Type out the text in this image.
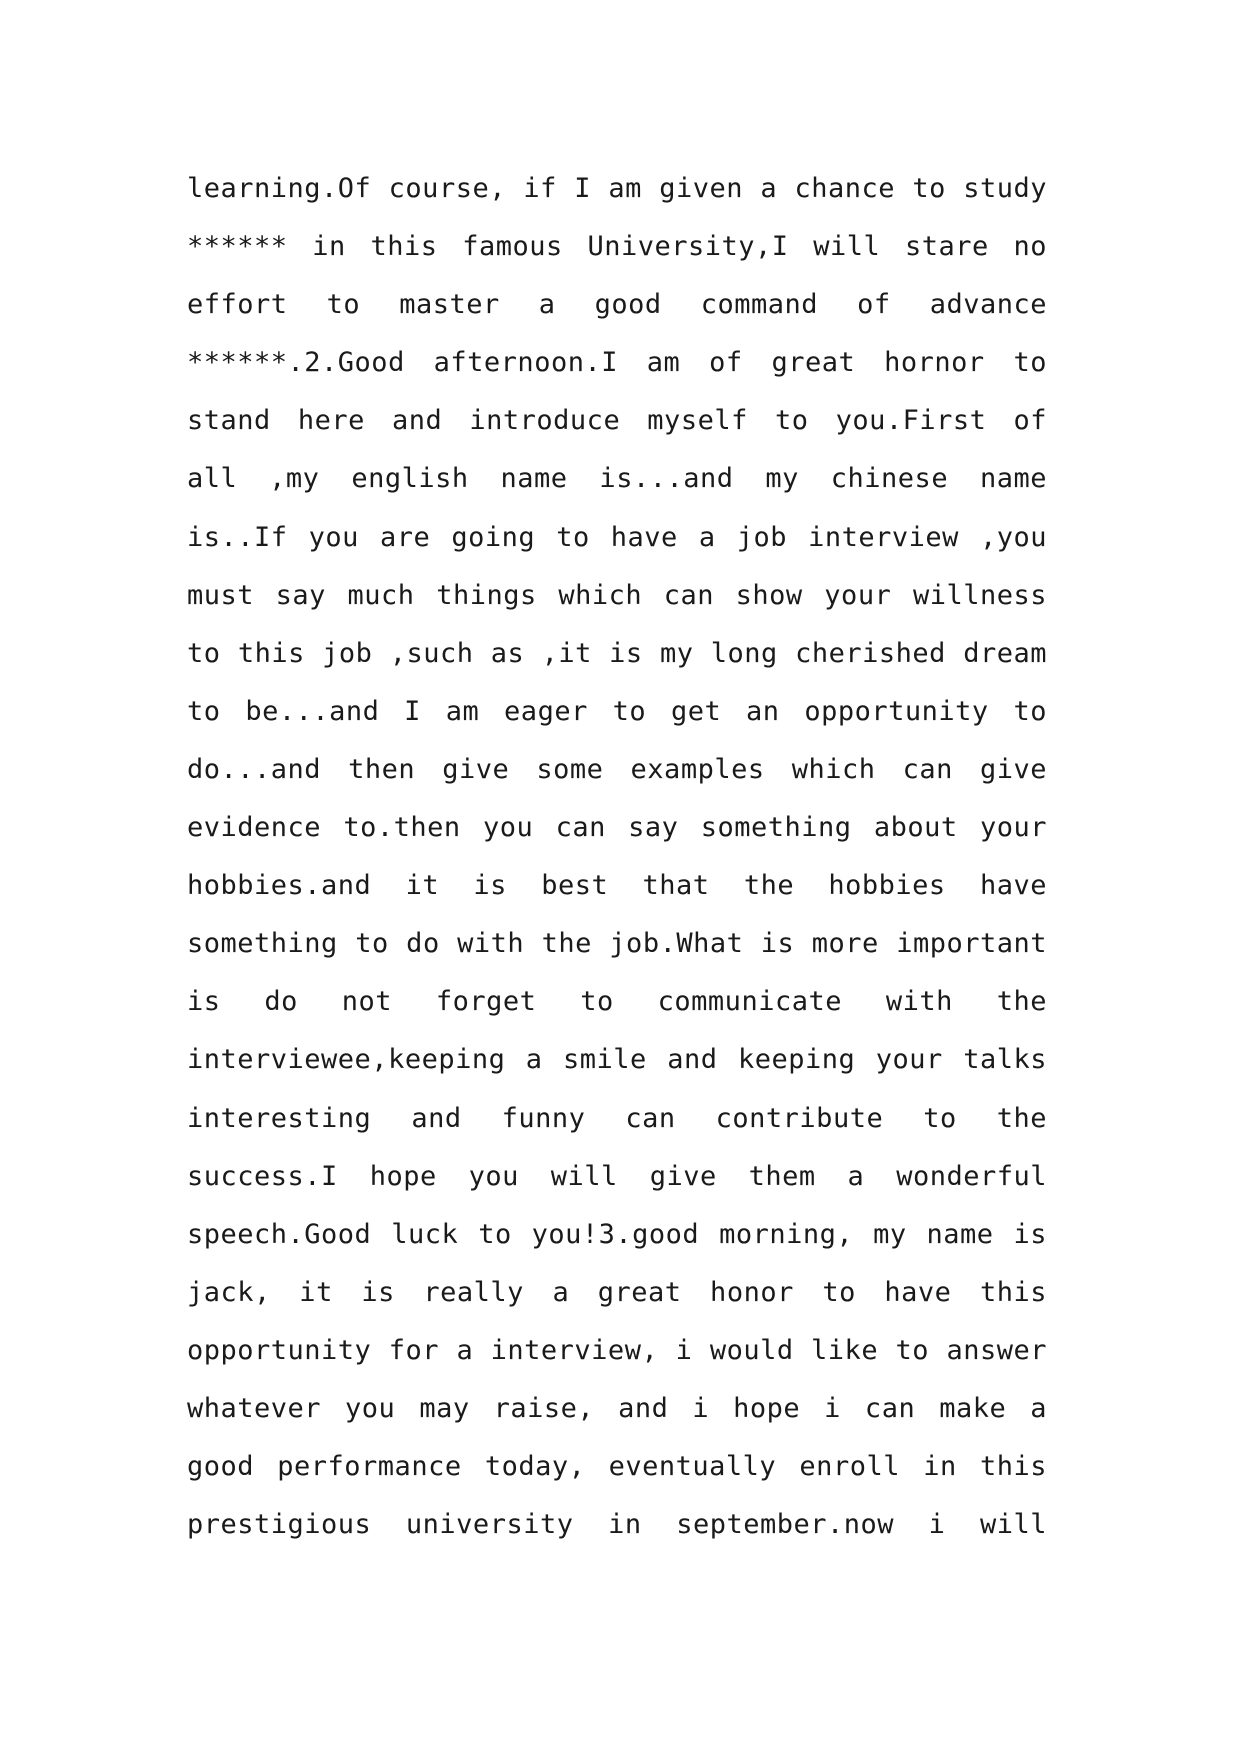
learning.Of course, if I am given a chance to study
****** in this famous University,I will stare no
effort to master a good command of advance
******.2.Good afternoon.I am of great hornor to
stand here and introduce myself to you.First of
all ,my english name is...and my chinese name
is..If you are going to have a job interview ,you
must say much things which can show your willness
to this job ,such as ,it is my long cherished dream
to be...and I am eager to get an opportunity to
do...and then give some examples which can give
evidence to.then you can say something about your
hobbies.and it is best that the hobbies have
something to do with the job.What is more important
is do not forget to communicate with the
interviewee,keeping a smile and keeping your talks
interesting and funny can contribute to the
success.I hope you will give them a wonderful
speech.Good luck to you!3.good morning, my name is
jack, it is really a great honor to have this
opportunity for a interview, i would like to answer
whatever you may raise, and i hope i can make a
good performance today, eventually enroll in this
prestigious university in september.now i will
